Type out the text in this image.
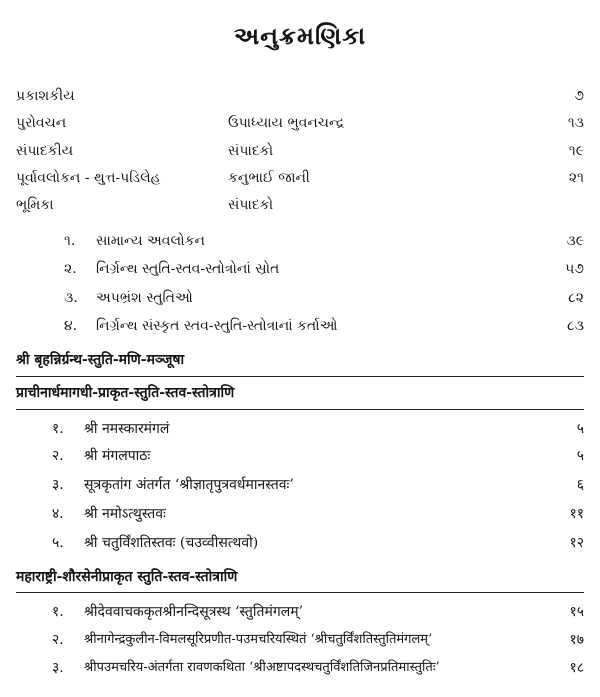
અનુક્રમણિકા
પ્રકાશકીય	૭
પુરોવચન	ઉપાધ્યાય ભુવનચન્દ્ર	૧૩
સંપાદકીય	સંપાદકો	૧૯
પૂર્વાવલોકન - થુત્ત-પડિલેહ	કનુભાઈ જાની	૨૧
ભૂમિકા	સંપાદકો
૧. સામાન્ય અવલોકન	૩૯
૨. નિર્ગ્રન્થ સ્તુતિ-સ્તવ-સ્તોત્રોનાં સ્રોત	૫૭
૩. અપભ્રંશ સ્તુતિઓ	૮૨
૪. નિર્ગ્રન્થ સંસ્કૃત સ્તવ-સ્તુતિ-સ્તોત્રાનાં કર્તાઓ	૮૩
श्री बृहन्निर्ग्रन्थ-स्तुति-मणि-मञ्जूषा
प्राचीनार्धमागधी-प्राकृत-स्तुति-स्तव-स्तोत्राणि
१. श्री नमस्कारमंगलं	५
२. श्री मंगलपाठः	५
३. सूत्रकृतांग अंतर्गत ‘श्रीज्ञातृपुत्रवर्धमानस्तवः’	६
४. श्री नमोऽत्थुस्तवः	११
५. श्री चतुर्विंशतिस्तवः (चउव्वीसत्थवो)	१२
महाराष्ट्री-शौरसेनीप्राकृत स्तुति-स्तव-स्तोत्राणि
१. श्रीदेववाचककृतश्रीनन्दिसूत्रस्थ ‘स्तुतिमंगलम्’	१५
२. श्रीनागेन्द्रकुलीन-विमलसूरिप्रणीत-पउमचरियस्थितं ‘श्रीचतुर्विंशतिस्तुतिमंगलम्’	१७
३. श्रीपउमचरिय-अंतर्गता रावणकथिता ‘श्रीअष्टापदस्थचतुर्विंशतिजिनप्रतिमास्तुतिः’	१८
